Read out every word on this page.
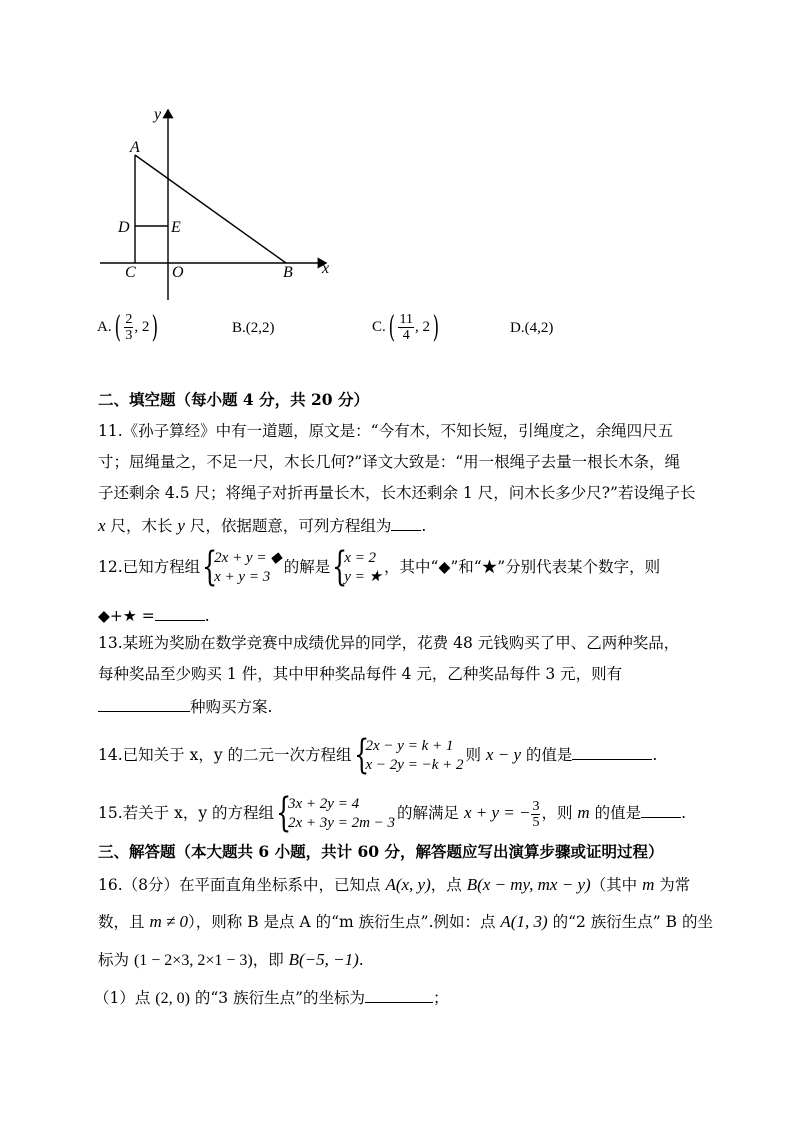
y
A
D	E
C O	B x
$A.( \frac{2}{3}$ , 2)	B.(2,2)	$C.( \frac{11}{4}$ , 2)	D.(4,2)
二、填空题（每小题 4 分，共 20 分）
11.《孙子算经》中有一道题，原文是：“今有木，不知长短，引绳度之，余绳四尺五
寸；屈绳量之，不足一尺，木长几何?”译文大致是：“用一根绳子去量一根长木条，绳
子还剩余 4.5 尺；将绳子对折再量长木，长木还剩余 1 尺，问木长多少尺?”若设绳子长
x 尺，木长 y 尺，依据题意，可列方程组为 .
12.已知方程组 {
2x + y = ◆
x + y = 3
的解是 {
x = 2
y = ★
，其中“◆”和“★”分别代表某个数字，则
◆+★ =	.
13.某班为奖励在数学竞赛中成绩优异的同学，花费 48 元钱购买了甲、乙两种奖品，
每种奖品至少购买 1 件，其中甲种奖品每件 4 元，乙种奖品每件 3 元，则有
种购买方案.
14.已知关于 x，y 的二元一次方程组 {
2x − y = k + 1
x − 2y = −k + 2
则 x − y 的值是	.
15.若关于 x，y 的方程组 {
3x + 2y = 4
2x + 3y = 2m − 3
的解满足 x + y = − $\frac{3}{5}$ ，则 m 的值是	.
三、解答题（本大题共 6 小题，共计 60 分，解答题应写出演算步骤或证明过程）
16.（8分）在平面直角坐标系中，已知点 A(x, y)，点 B(x − my, mx − y)（其中 m 为常
数，且 m ≠ 0），则称 B 是点 A 的“m 族衍生点”.例如：点 A(1, 3) 的“2 族衍生点” B 的坐
标为 (1 − 2×3, 2×1 − 3)，即 B(−5, −1).
（1）点 (2, 0) 的“3 族衍生点”的坐标为	；
